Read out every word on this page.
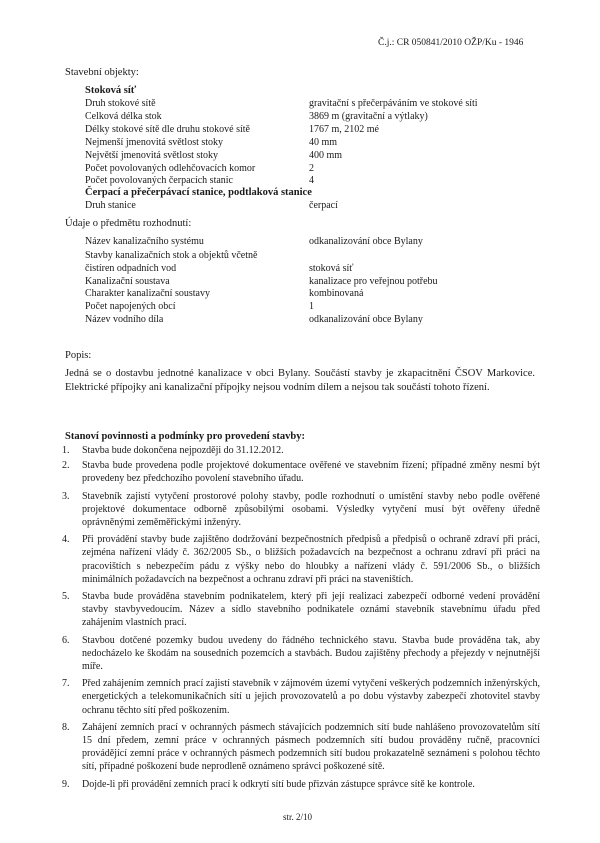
Č.j.: CR 050841/2010 OŽP/Ku - 1946
Stavební objekty:
Stoková síť
Druh stokové sítě	gravitační s přečerpáváním ve stokové síti
Celková délka stok	3869 m (gravitační a výtlaky)
Délky stokové sítě dle druhu stokové sítě	1767 m, 2102 mé
Nejmenší jmenovitá světlost stoky	40 mm
Největší jmenovitá světlost stoky	400 mm
Počet povolovaných odlehčovacích komor	2
Počet povolovaných čerpacích stanic	4
Čerpací a přečerpávací stanice, podtlaková stanice
Druh stanice	čerpací
Údaje o předmětu rozhodnutí:
Název kanalizačního systému	odkanalizování obce Bylany
Stavby kanalizačních stok a objektů včetně
čistíren odpadních vod	stoková síť
Kanalizační soustava	kanalizace pro veřejnou potřebu
Charakter kanalizační soustavy	kombinovaná
Počet napojených obcí	1
Název vodního díla	odkanalizování obce Bylany
Popis:
Jedná se o dostavbu jednotné kanalizace v obci Bylany. Součástí stavby je zkapacitnění ČSOV Markovice. Elektrické přípojky ani kanalizační přípojky nejsou vodním dílem a nejsou tak součástí tohoto řízení.
Stanoví povinnosti a podmínky pro provedení stavby:
1.	Stavba bude dokončena nejpozději do 31.12.2012.
2.	Stavba bude provedena podle projektové dokumentace ověřené ve stavebním řízení; případné změny nesmí být provedeny bez předchozího povolení stavebního úřadu.
3.	Stavebník zajistí vytyčení prostorové polohy stavby, podle rozhodnutí o umístění stavby nebo podle ověřené projektové dokumentace odborně způsobilými osobami. Výsledky vytyčení musí být ověřeny úředně oprávněnými zeměměřickými inženýry.
4.	Při provádění stavby bude zajištěno dodržování bezpečnostních předpisů a předpisů o ochraně zdraví při práci, zejména nařízení vlády č. 362/2005 Sb., o bližších požadavcích na bezpečnost a ochranu zdraví při práci na pracovištích s nebezpečím pádu z výšky nebo do hloubky a nařízení vlády č. 591/2006 Sb., o bližších minimálních požadavcích na bezpečnost a ochranu zdraví při práci na staveništích.
5.	Stavba bude prováděna stavebním podnikatelem, který při její realizaci zabezpečí odborné vedení provádění stavby stavbyvedoucím. Název a sídlo stavebního podnikatele oznámí stavebník stavebnímu úřadu před zahájením vlastních prací.
6.	Stavbou dotčené pozemky budou uvedeny do řádného technického stavu. Stavba bude prováděna tak, aby nedocházelo ke škodám na sousedních pozemcích a stavbách. Budou zajištěny přechody a přejezdy v nejnutnější míře.
7.	Před zahájením zemních prací zajistí stavebník v zájmovém území vytyčení veškerých podzemních inženýrských, energetických a telekomunikačních sítí u jejich provozovatelů a po dobu výstavby zabezpečí zhotovitel stavby ochranu těchto sítí před poškozením.
8.	Zahájení zemních prací v ochranných pásmech stávajících podzemních sítí bude nahlášeno provozovatelům sítí 15 dní předem, zemní práce v ochranných pásmech podzemních sítí budou prováděny ručně, pracovníci provádějící zemní práce v ochranných pásmech podzemních sítí budou prokazatelně seznámeni s polohou těchto sítí, případné poškození bude neprodleně oznámeno správci poškozené sítě.
9.	Dojde-li při provádění zemních prací k odkrytí sítí bude přizván zástupce správce sítě ke kontrole.
str. 2/10
